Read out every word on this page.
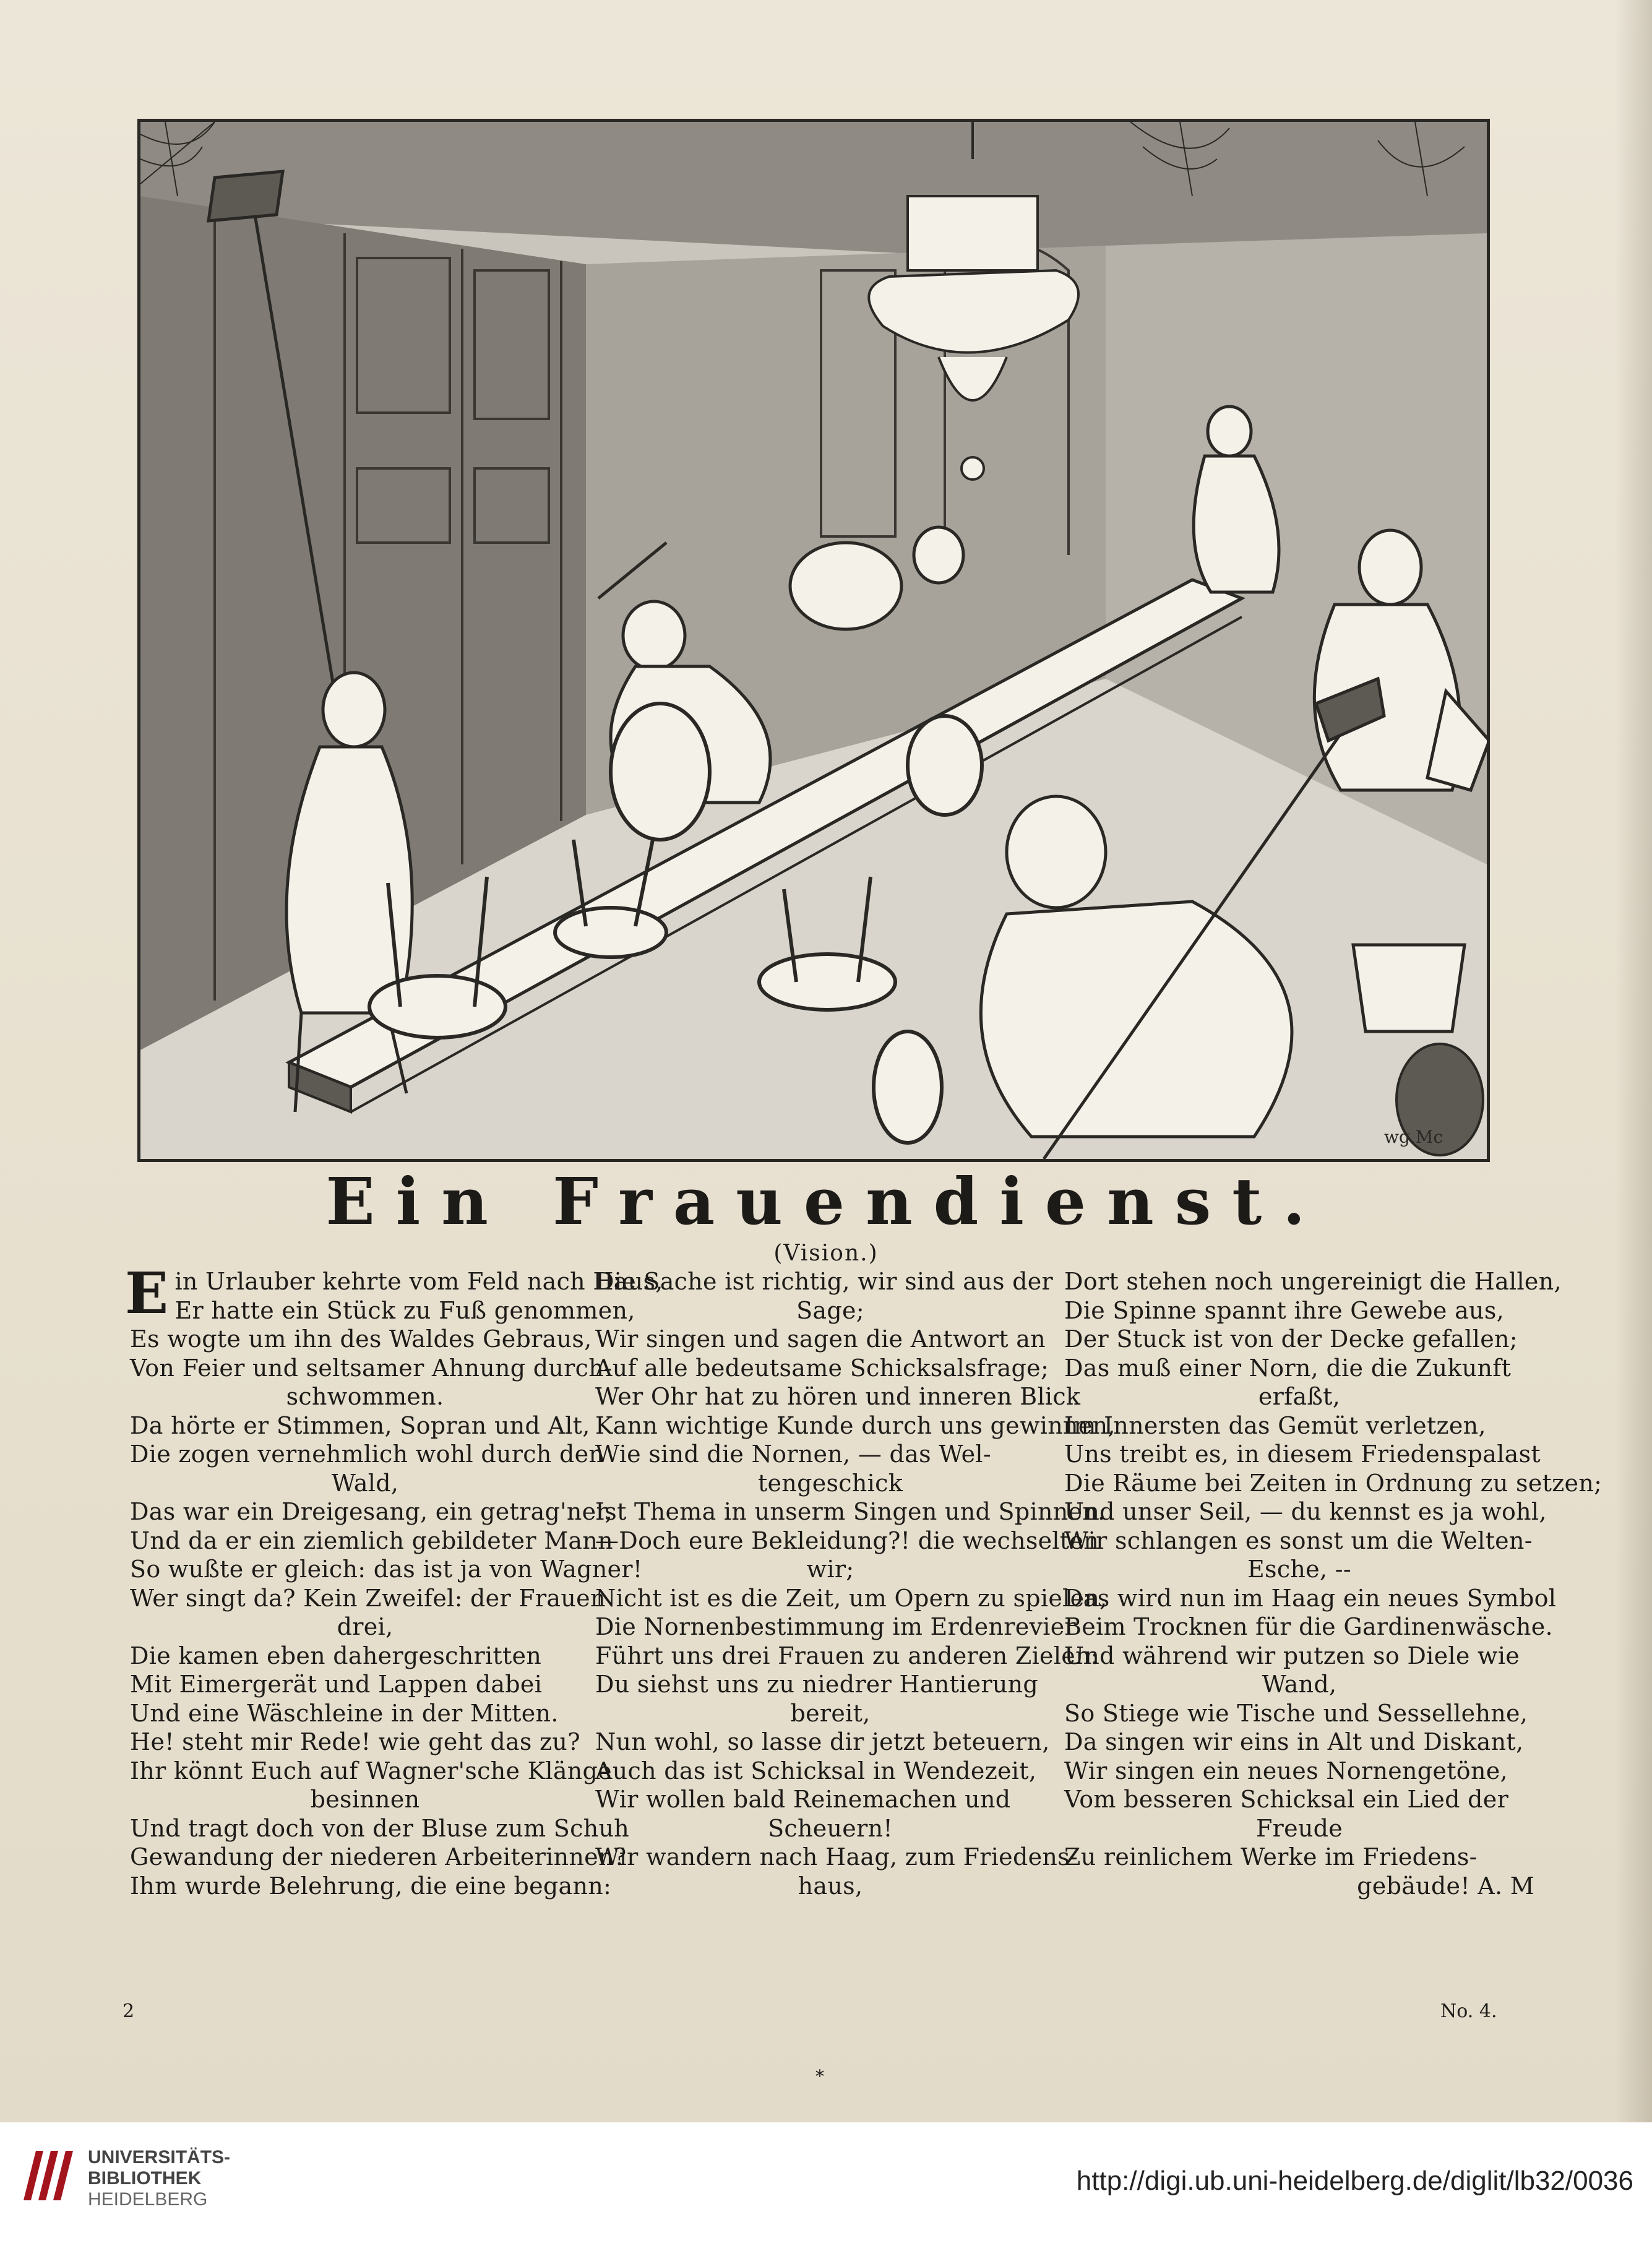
wg.Mc
Ein Frauendienst.

(Vision.)

E in Urlauber kehrte vom Feld nach Haus,
Er hatte ein Stück zu Fuß genommen,
Es wogte um ihn des Waldes Gebraus,
Von Feier und seltsamer Ahnung durch-
schwommen.
Da hörte er Stimmen, Sopran und Alt,
Die zogen vernehmlich wohl durch den
Wald,
Das war ein Dreigesang, ein getrag'ner,
Und da er ein ziemlich gebildeter Mann
So wußte er gleich: das ist ja von Wagner!
Wer singt da? Kein Zweifel: der Frauen
drei,
Die kamen eben dahergeschritten
Mit Eimergerät und Lappen dabei
Und eine Wäschleine in der Mitten.
He! steht mir Rede! wie geht das zu?
Ihr könnt Euch auf Wagner'sche Klänge
besinnen
Und tragt doch von der Bluse zum Schuh
Gewandung der niederen Arbeiterinnen?
Ihm wurde Belehrung, die eine begann:
Die Sache ist richtig, wir sind aus der
Sage;
Wir singen und sagen die Antwort an
Auf alle bedeutsame Schicksalsfrage;
Wer Ohr hat zu hören und inneren Blick
Kann wichtige Kunde durch uns gewinnen,
Wie sind die Nornen, — das Wel-
tengeschick
Ist Thema in unserm Singen und Spinnen.
—Doch eure Bekleidung?! die wechselten
wir;
Nicht ist es die Zeit, um Opern zu spielen,
Die Nornenbestimmung im Erdenrevier
Führt uns drei Frauen zu anderen Zielen:
Du siehst uns zu niedrer Hantierung
bereit,
Nun wohl, so lasse dir jetzt beteuern,
Auch das ist Schicksal in Wendezeit,
Wir wollen bald Reinemachen und
Scheuern!
Wir wandern nach Haag, zum Friedens-
haus,
Dort stehen noch ungereinigt die Hallen,
Die Spinne spannt ihre Gewebe aus,
Der Stuck ist von der Decke gefallen;
Das muß einer Norn, die die Zukunft
erfaßt,
Im Innersten das Gemüt verletzen,
Uns treibt es, in diesem Friedenspalast
Die Räume bei Zeiten in Ordnung zu setzen;
Und unser Seil, — du kennst es ja wohl,
Wir schlangen es sonst um die Welten-
Esche, --
Das wird nun im Haag ein neues Symbol
Beim Trocknen für die Gardinenwäsche.
Und während wir putzen so Diele wie
Wand,
So Stiege wie Tische und Sessellehne,
Da singen wir eins in Alt und Diskant,
Wir singen ein neues Nornengetöne,
Vom besseren Schicksal ein Lied der
Freude
Zu reinlichem Werke im Friedens-
gebäude! A. M
2	No. 4.
⁎
UNIVERSITÄTS-
BIBLIOTHEK
HEIDELBERG
http://digi.ub.uni-heidelberg.de/diglit/lb32/0036
